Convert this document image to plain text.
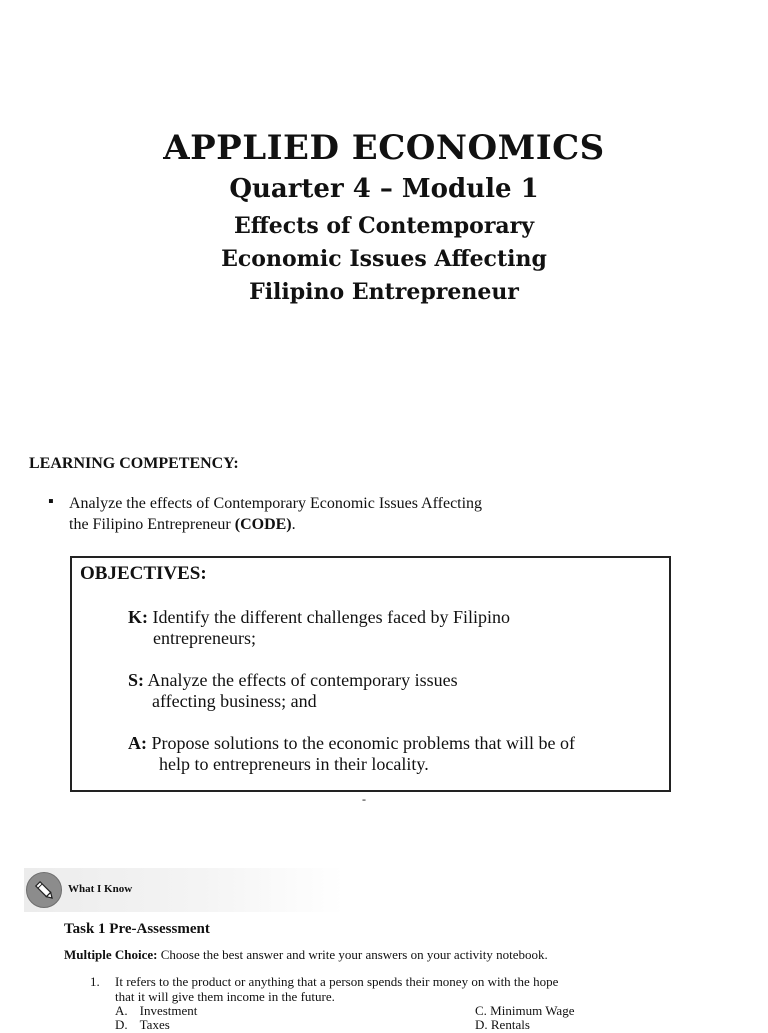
APPLIED ECONOMICS
Quarter 4 – Module 1
Effects of Contemporary
Economic Issues Affecting
Filipino Entrepreneur
LEARNING COMPETENCY:
▪ Analyze the effects of Contemporary Economic Issues Affecting
the Filipino Entrepreneur (CODE).
OBJECTIVES:
K: Identify the different challenges faced by Filipino
entrepreneurs;
S: Analyze the effects of contemporary issues
affecting business; and
A: Propose solutions to the economic problems that will be of
help to entrepreneurs in their locality.
-
What I Know
Task 1 Pre-Assessment
Multiple Choice: Choose the best answer and write your answers on your activity notebook.
1. It refers to the product or anything that a person spends their money on with the hope
that it will give them income in the future.
A. Investment	C. Minimum Wage
D. Taxes	D. Rentals
